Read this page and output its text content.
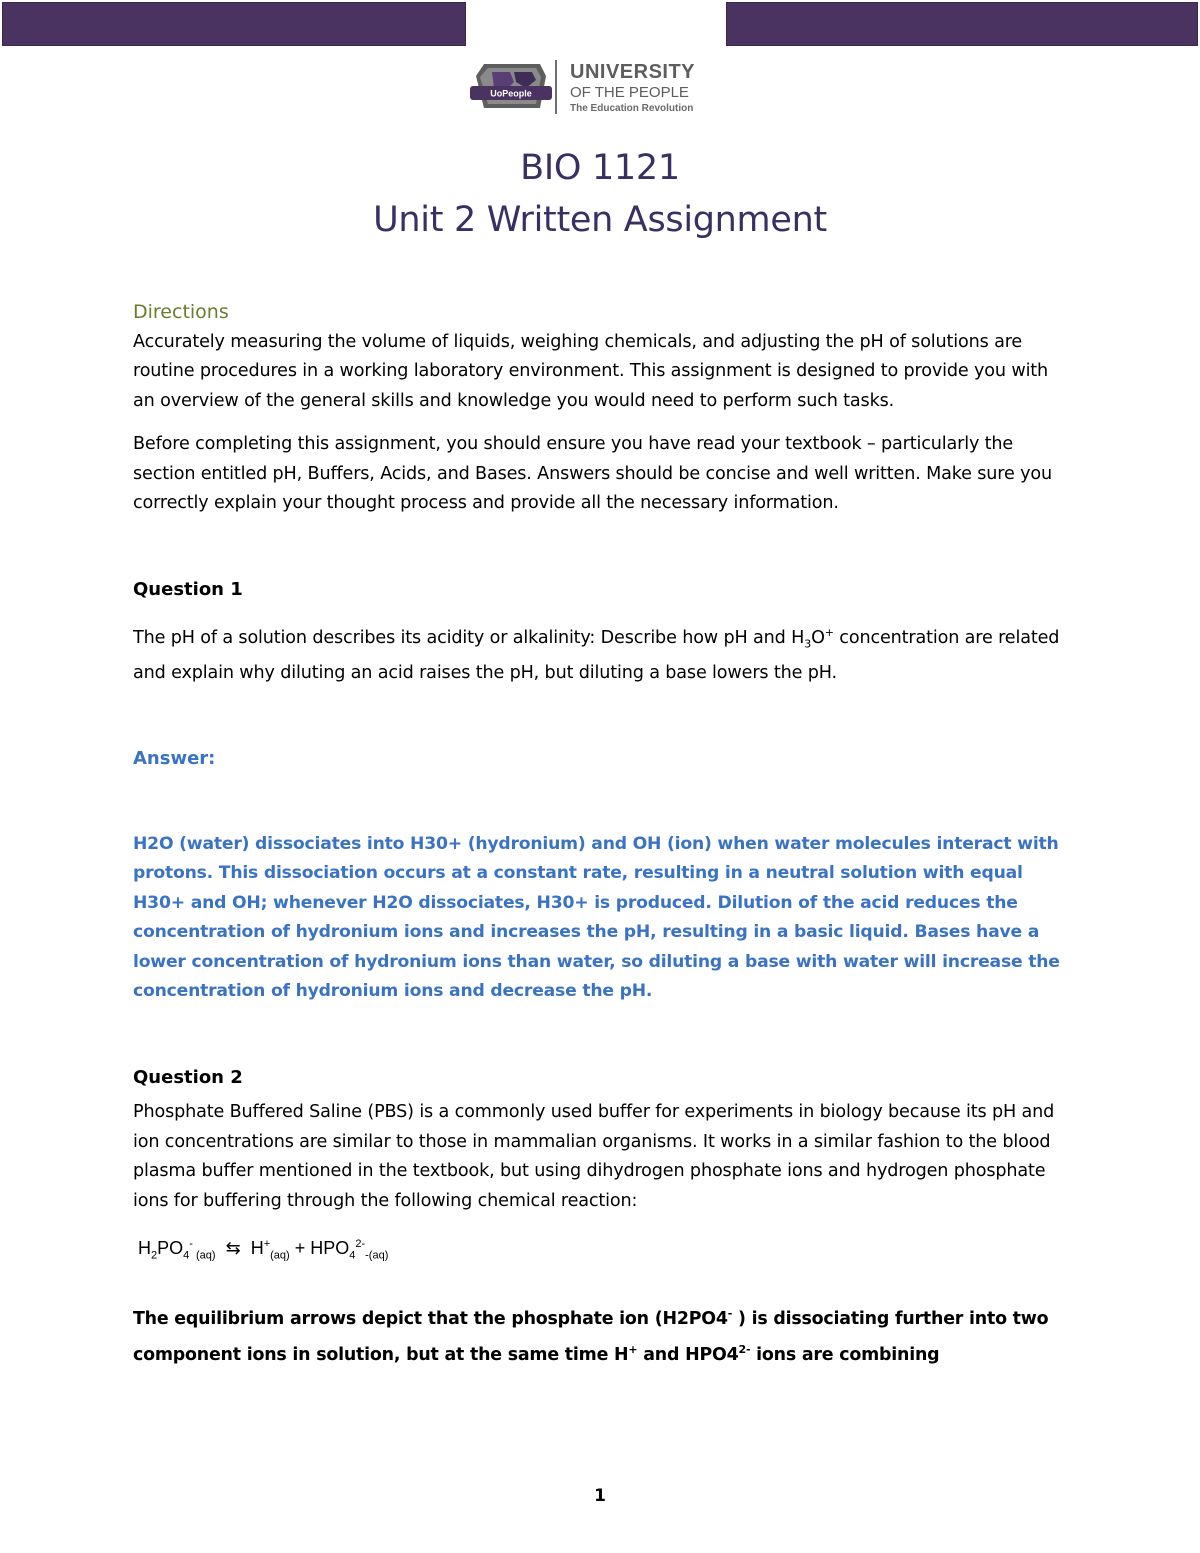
UoPeople
UNIVERSITY
OF THE PEOPLE
The Education Revolution
BIO 1121
Unit 2 Written Assignment

Directions

Accurately measuring the volume of liquids, weighing chemicals, and adjusting the pH of solutions are routine procedures in a working laboratory environment. This assignment is designed to provide you with an overview of the general skills and knowledge you would need to perform such tasks.

Before completing this assignment, you should ensure you have read your textbook – particularly the section entitled pH, Buffers, Acids, and Bases. Answers should be concise and well written. Make sure you correctly explain your thought process and provide all the necessary information.

Question 1

The pH of a solution describes its acidity or alkalinity: Describe how pH and $H_3O^+$ concentration are related and explain why diluting an acid raises the pH, but diluting a base lowers the pH.

Answer:

H2O (water) dissociates into H30+ (hydronium) and OH (ion) when water molecules interact with protons. This dissociation occurs at a constant rate, resulting in a neutral solution with equal H30+ and OH; whenever H2O dissociates, H30+ is produced. Dilution of the acid reduces the concentration of hydronium ions and increases the pH, resulting in a basic liquid. Bases have a lower concentration of hydronium ions than water, so diluting a base with water will increase the concentration of hydronium ions and decrease the pH.

Question 2

Phosphate Buffered Saline (PBS) is a commonly used buffer for experiments in biology because its pH and ion concentrations are similar to those in mammalian organisms. It works in a similar fashion to the blood plasma buffer mentioned in the textbook, but using dihydrogen phosphate ions and hydrogen phosphate ions for buffering through the following chemical reaction:

$H_2PO_4^-$ $_{(aq)}$ ⇆ $H^+_{(aq)} + HPO_4^{2-}_{-(aq)}$

The equilibrium arrows depict that the phosphate ion (H2PO4- ) is dissociating further into two component ions in solution, but at the same time H+ and $HPO4^{2-}$ ions are combining

1
